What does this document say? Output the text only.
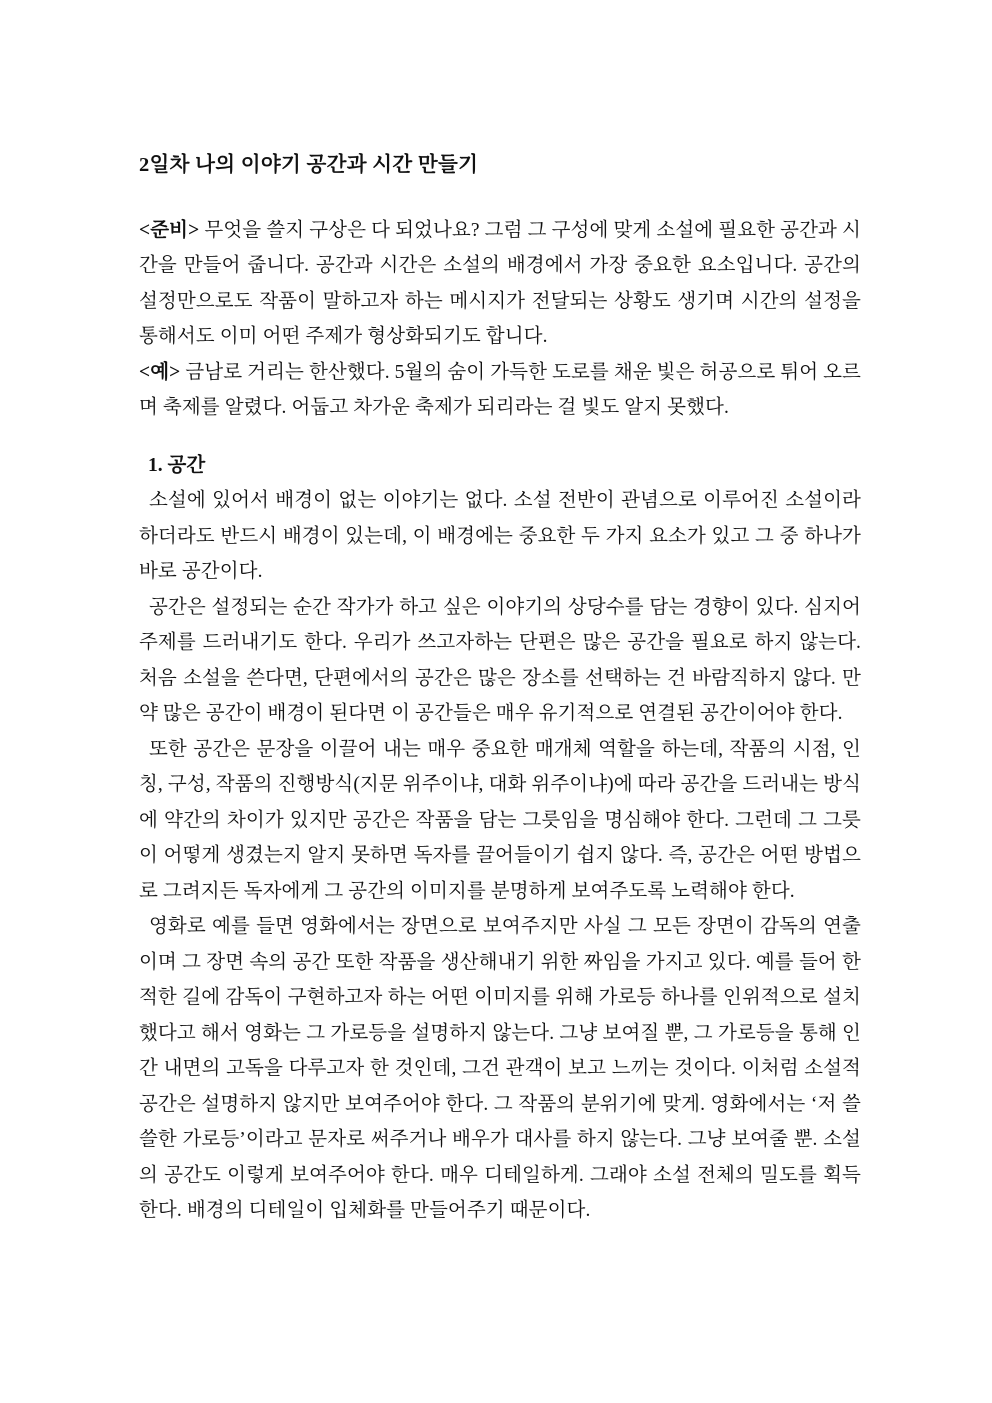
2일차 나의 이야기 공간과 시간 만들기

<준비> 무엇을 쓸지 구상은 다 되었나요? 그럼 그 구성에 맞게 소설에 필요한 공간과 시간을 만들어 줍니다. 공간과 시간은 소설의 배경에서 가장 중요한 요소입니다. 공간의 설정만으로도 작품이 말하고자 하는 메시지가 전달되는 상황도 생기며 시간의 설정을 통해서도 이미 어떤 주제가 형상화되기도 합니다.

<예> 금남로 거리는 한산했다. 5월의 숨이 가득한 도로를 채운 빛은 허공으로 튀어 오르며 축제를 알렸다. 어둡고 차가운 축제가 되리라는 걸 빛도 알지 못했다.

1. 공간

소설에 있어서 배경이 없는 이야기는 없다. 소설 전반이 관념으로 이루어진 소설이라 하더라도 반드시 배경이 있는데, 이 배경에는 중요한 두 가지 요소가 있고 그 중 하나가 바로 공간이다.

공간은 설정되는 순간 작가가 하고 싶은 이야기의 상당수를 담는 경향이 있다. 심지어 주제를 드러내기도 한다. 우리가 쓰고자하는 단편은 많은 공간을 필요로 하지 않는다. 처음 소설을 쓴다면, 단편에서의 공간은 많은 장소를 선택하는 건 바람직하지 않다. 만약 많은 공간이 배경이 된다면 이 공간들은 매우 유기적으로 연결된 공간이어야 한다.

또한 공간은 문장을 이끌어 내는 매우 중요한 매개체 역할을 하는데, 작품의 시점, 인칭, 구성, 작품의 진행방식(지문 위주이냐, 대화 위주이냐)에 따라 공간을 드러내는 방식에 약간의 차이가 있지만 공간은 작품을 담는 그릇임을 명심해야 한다. 그런데 그 그릇이 어떻게 생겼는지 알지 못하면 독자를 끌어들이기 쉽지 않다. 즉, 공간은 어떤 방법으로 그려지든 독자에게 그 공간의 이미지를 분명하게 보여주도록 노력해야 한다.

영화로 예를 들면 영화에서는 장면으로 보여주지만 사실 그 모든 장면이 감독의 연출이며 그 장면 속의 공간 또한 작품을 생산해내기 위한 짜임을 가지고 있다. 예를 들어 한적한 길에 감독이 구현하고자 하는 어떤 이미지를 위해 가로등 하나를 인위적으로 설치했다고 해서 영화는 그 가로등을 설명하지 않는다. 그냥 보여질 뿐, 그 가로등을 통해 인간 내면의 고독을 다루고자 한 것인데, 그건 관객이 보고 느끼는 것이다. 이처럼 소설적 공간은 설명하지 않지만 보여주어야 한다. 그 작품의 분위기에 맞게. 영화에서는 ‘저 쓸쓸한 가로등’이라고 문자로 써주거나 배우가 대사를 하지 않는다. 그냥 보여줄 뿐. 소설의 공간도 이렇게 보여주어야 한다. 매우 디테일하게. 그래야 소설 전체의 밀도를 획득한다. 배경의 디테일이 입체화를 만들어주기 때문이다.
